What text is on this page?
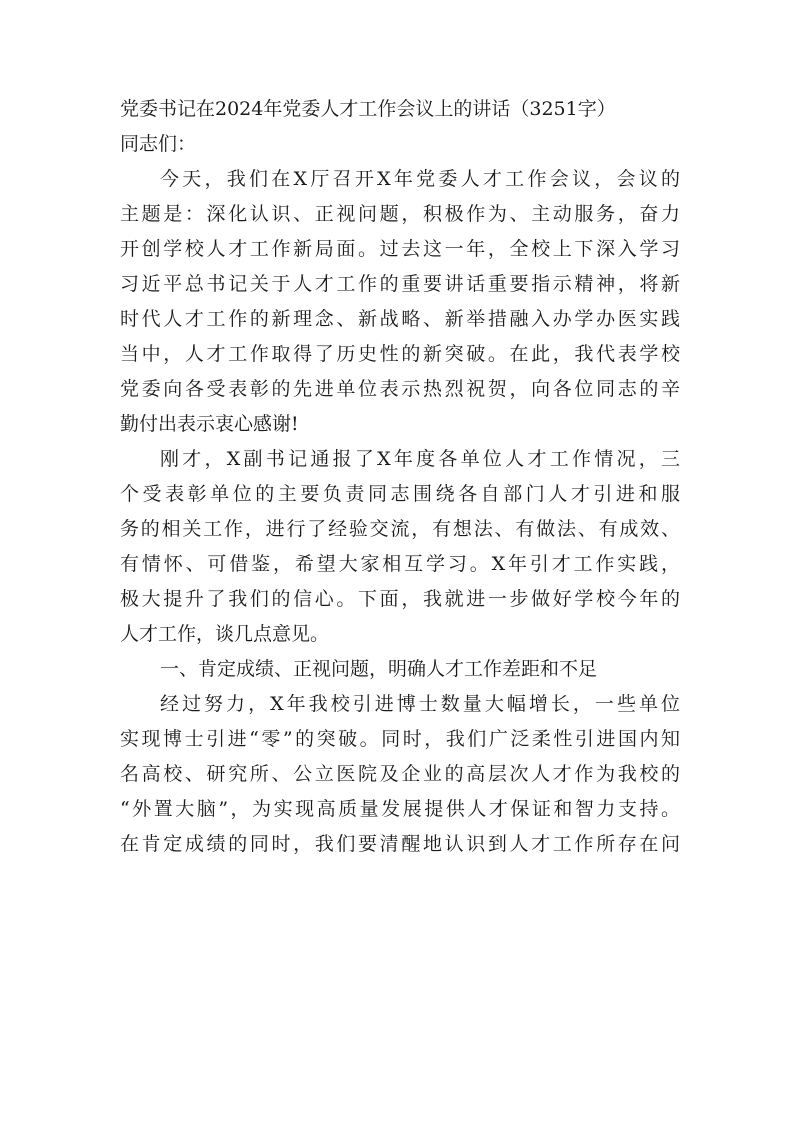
党委书记在2024年党委人才工作会议上的讲话（3251字）
同志们：
今天，我们在X厅召开X年党委人才工作会议，会议的
主题是：深化认识、正视问题，积极作为、主动服务，奋力
开创学校人才工作新局面。过去这一年，全校上下深入学习
习近平总书记关于人才工作的重要讲话重要指示精神，将新
时代人才工作的新理念、新战略、新举措融入办学办医实践
当中，人才工作取得了历史性的新突破。在此，我代表学校
党委向各受表彰的先进单位表示热烈祝贺，向各位同志的辛
勤付出表示衷心感谢!
刚才，X副书记通报了X年度各单位人才工作情况，三
个受表彰单位的主要负责同志围绕各自部门人才引进和服
务的相关工作，进行了经验交流，有想法、有做法、有成效、
有情怀、可借鉴，希望大家相互学习。X年引才工作实践，
极大提升了我们的信心。下面，我就进一步做好学校今年的
人才工作，谈几点意见。
一、肯定成绩、正视问题，明确人才工作差距和不足
经过努力，X年我校引进博士数量大幅增长，一些单位
实现博士引进“零”的突破。同时，我们广泛柔性引进国内知
名高校、研究所、公立医院及企业的高层次人才作为我校的
“外置大脑”，为实现高质量发展提供人才保证和智力支持。
在肯定成绩的同时，我们要清醒地认识到人才工作所存在问
